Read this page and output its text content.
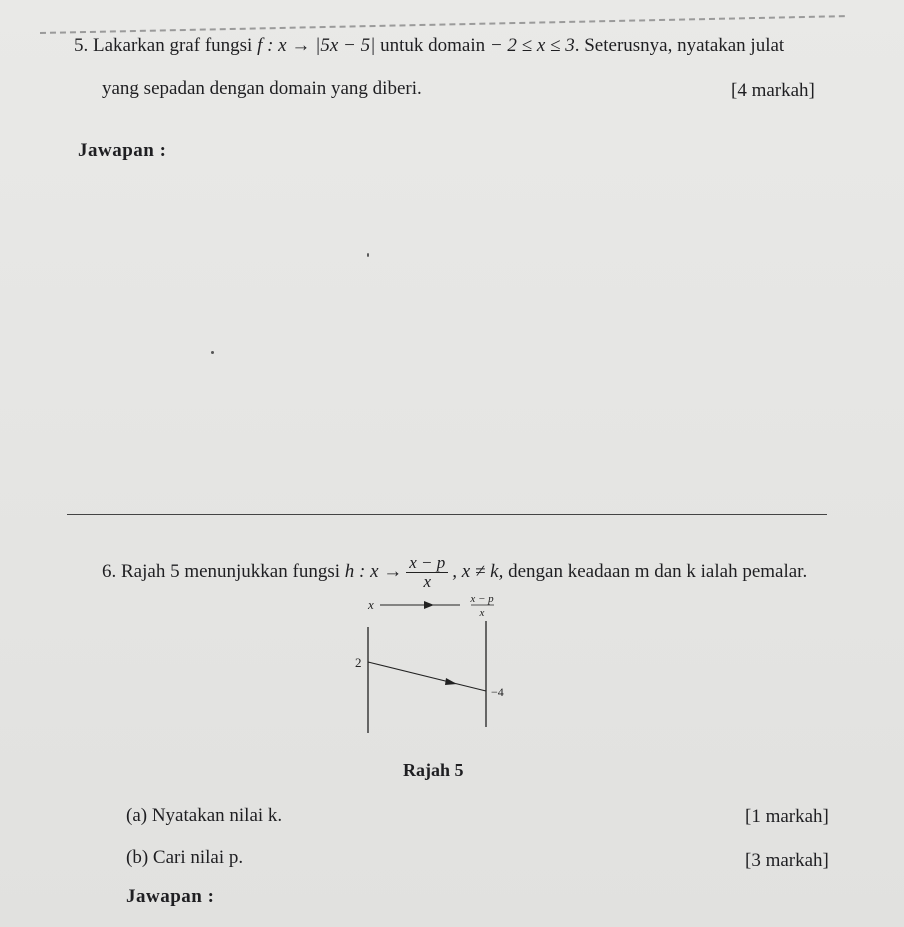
5. Lakarkan graf fungsi f : x → |5x − 5| untuk domain − 2 ≤ x ≤ 3. Seterusnya, nyatakan julat
yang sepadan dengan domain yang diberi.	[4 markah]
Jawapan :
6. Rajah 5 menunjukkan fungsi h : $x \to \frac{x - p}{x}$ , x ≠ k, dengan keadaan m dan k ialah pemalar.
x	x − p
x
2
−4
Rajah 5
(a) Nyatakan nilai k.	[1 markah]
(b) Cari nilai p.	[3 markah]
Jawapan :
